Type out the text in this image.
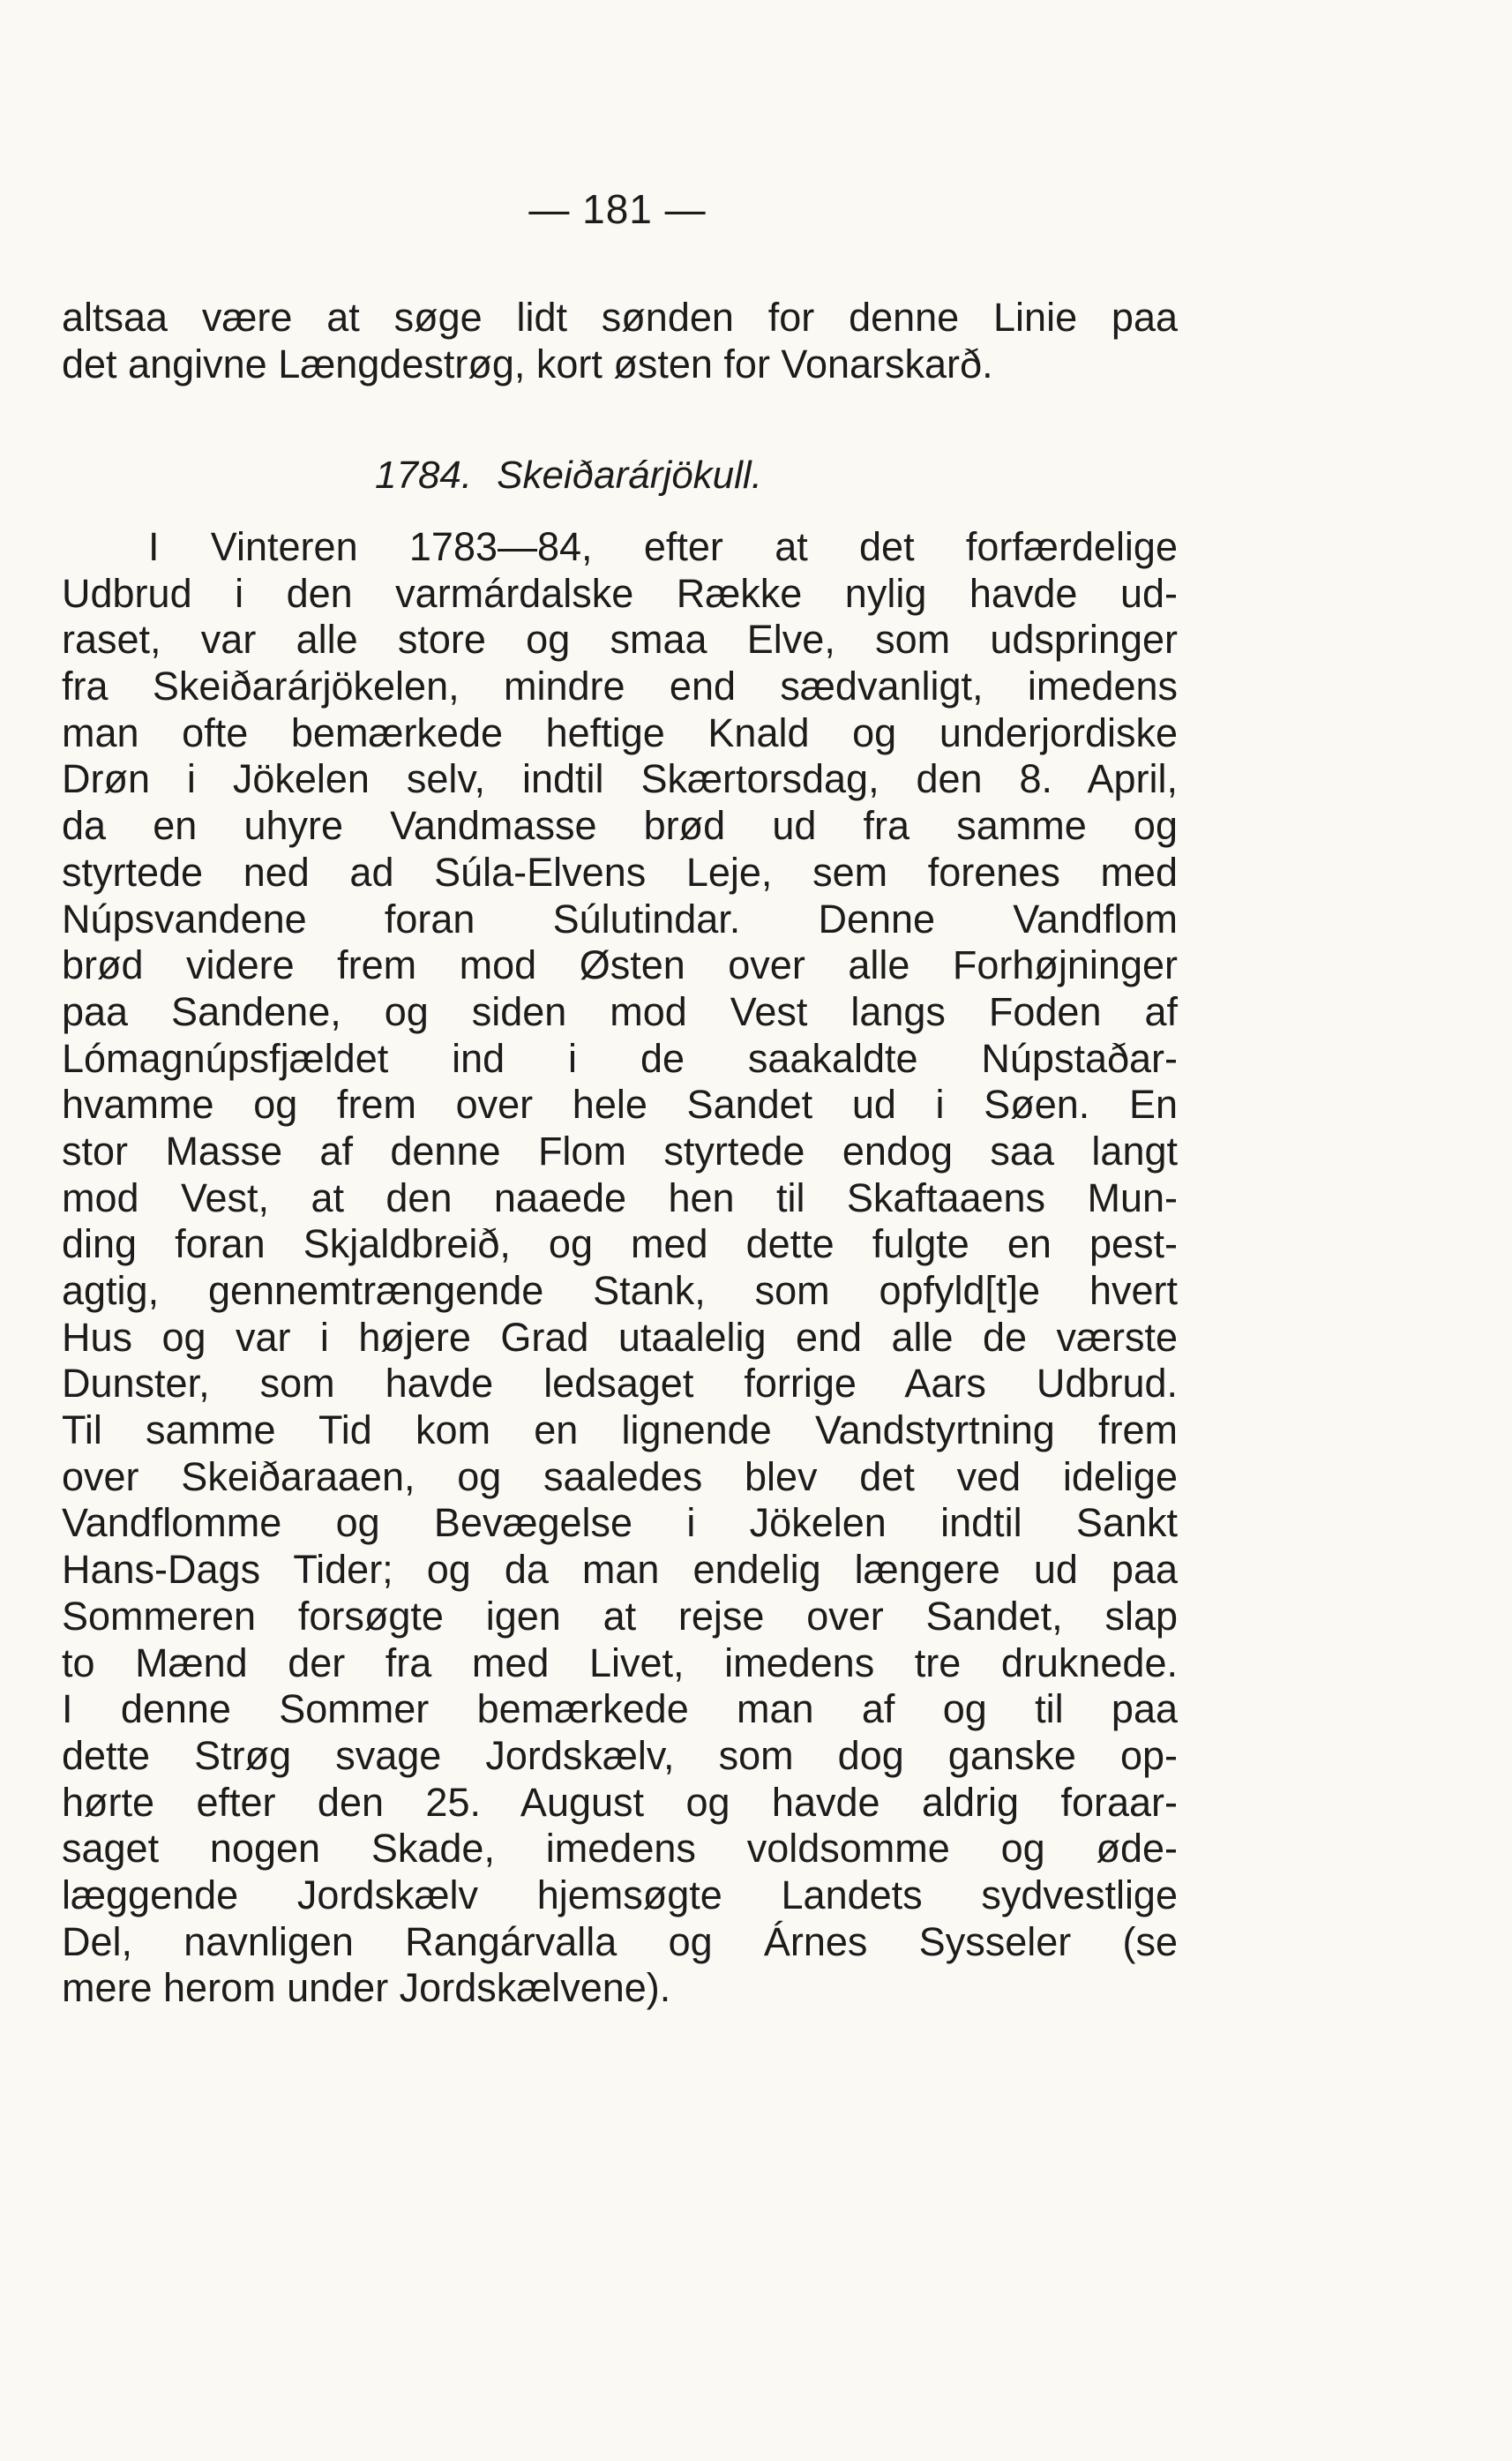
— 181 —
altsaa være at søge lidt sønden for denne Linie paa
det angivne Længdestrøg, kort østen for Vonarskarð.
1784. Skeiðarárjökull.
I Vinteren 1783—84, efter at det forfærdelige
Udbrud i den varmárdalske Række nylig havde ud-
raset, var alle store og smaa Elve, som udspringer
fra Skeiðarárjökelen, mindre end sædvanligt, imedens
man ofte bemærkede heftige Knald og underjordiske
Drøn i Jökelen selv, indtil Skærtorsdag, den 8. April,
da en uhyre Vandmasse brød ud fra samme og
styrtede ned ad Súla-Elvens Leje, sem forenes med
Núpsvandene foran Súlutindar. Denne Vandflom
brød videre frem mod Østen over alle Forhøjninger
paa Sandene, og siden mod Vest langs Foden af
Lómagnúpsfjældet ind i de saakaldte Núpstaðar-
hvamme og frem over hele Sandet ud i Søen. En
stor Masse af denne Flom styrtede endog saa langt
mod Vest, at den naaede hen til Skaftaaens Mun-
ding foran Skjaldbreið, og med dette fulgte en pest-
agtig, gennemtrængende Stank, som opfyld[t]e hvert
Hus og var i højere Grad utaalelig end alle de værste
Dunster, som havde ledsaget forrige Aars Udbrud.
Til samme Tid kom en lignende Vandstyrtning frem
over Skeiðaraaen, og saaledes blev det ved idelige
Vandflomme og Bevægelse i Jökelen indtil Sankt
Hans-Dags Tider; og da man endelig længere ud paa
Sommeren forsøgte igen at rejse over Sandet, slap
to Mænd der fra med Livet, imedens tre druknede.
I denne Sommer bemærkede man af og til paa
dette Strøg svage Jordskælv, som dog ganske op-
hørte efter den 25. August og havde aldrig foraar-
saget nogen Skade, imedens voldsomme og øde-
læggende Jordskælv hjemsøgte Landets sydvestlige
Del, navnligen Rangárvalla og Árnes Sysseler (se
mere herom under Jordskælvene).
